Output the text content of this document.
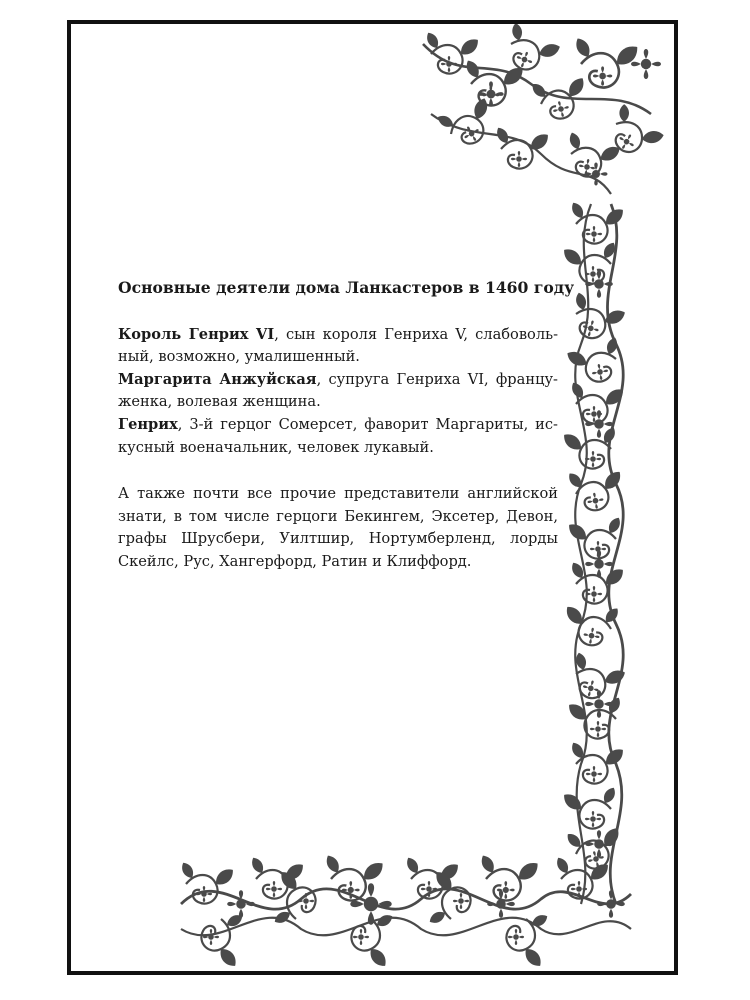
Основные деятели дома Ланкастеров в 1460 году

Король Генрих VI, сын короля Генриха V, слабоволь-
ный, возможно, умалишенный.

Маргарита Анжуйская, супруга Генриха VI, францу-
женка, волевая женщина.

Генрих, 3-й герцог Сомерсет, фаворит Маргариты, ис-
кусный военачальник, человек лукавый.

А также почти все прочие представители английской
знати, в том числе герцоги Бекингем, Эксетер, Девон,
графы Шрусбери, Уилтшир, Нортумберленд, лорды
Скейлс, Рус, Хангерфорд, Ратин и Клиффорд.
